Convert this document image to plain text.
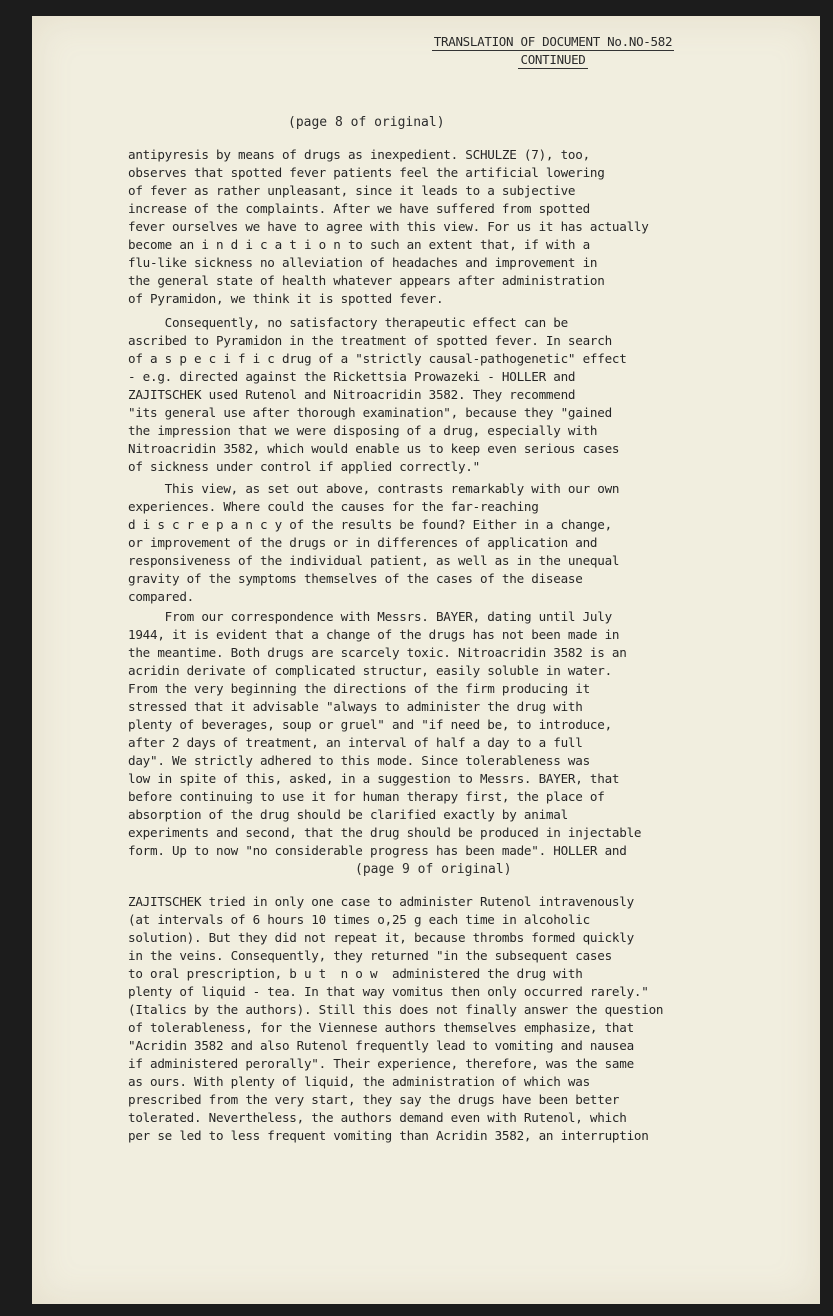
TRANSLATION OF DOCUMENT No.NO-582
CONTINUED
(page 8 of original)

antipyresis by means of drugs as inexpedient. SCHULZE (7), too,
observes that spotted fever patients feel the artificial lowering
of fever as rather unpleasant, since it leads to a subjective
increase of the complaints. After we have suffered from spotted
fever ourselves we have to agree with this view. For us it has actually
become an i n d i c a t i o n to such an extent that, if with a
flu-like sickness no alleviation of headaches and improvement in
the general state of health whatever appears after administration
of Pyramidon, we think it is spotted fever.

Consequently, no satisfactory therapeutic effect can be
ascribed to Pyramidon in the treatment of spotted fever. In search
of a s p e c i f i c drug of a "strictly causal-pathogenetic" effect
- e.g. directed against the Rickettsia Prowazeki - HOLLER and
ZAJITSCHEK used Rutenol and Nitroacridin 3582. They recommend
"its general use after thorough examination", because they "gained
the impression that we were disposing of a drug, especially with
Nitroacridin 3582, which would enable us to keep even serious cases
of sickness under control if applied correctly."

This view, as set out above, contrasts remarkably with our own
experiences. Where could the causes for the far-reaching
d i s c r e p a n c y of the results be found? Either in a change,
or improvement of the drugs or in differences of application and
responsiveness of the individual patient, as well as in the unequal
gravity of the symptoms themselves of the cases of the disease
compared.

From our correspondence with Messrs. BAYER, dating until July
1944, it is evident that a change of the drugs has not been made in
the meantime. Both drugs are scarcely toxic. Nitroacridin 3582 is an
acridin derivate of complicated structur, easily soluble in water.
From the very beginning the directions of the firm producing it
stressed that it advisable "always to administer the drug with
plenty of beverages, soup or gruel" and "if need be, to introduce,
after 2 days of treatment, an interval of half a day to a full
day". We strictly adhered to this mode. Since tolerableness was
low in spite of this, asked, in a suggestion to Messrs. BAYER, that
before continuing to use it for human therapy first, the place of
absorption of the drug should be clarified exactly by animal
experiments and second, that the drug should be produced in injectable
form. Up to now "no considerable progress has been made". HOLLER and

(page 9 of original)

ZAJITSCHEK tried in only one case to administer Rutenol intravenously
(at intervals of 6 hours 10 times o,25 g each time in alcoholic
solution). But they did not repeat it, because thrombs formed quickly
in the veins. Consequently, they returned "in the subsequent cases
to oral prescription, b u t  n o w  administered the drug with
plenty of liquid - tea. In that way vomitus then only occurred rarely."
(Italics by the authors). Still this does not finally answer the question
of tolerableness, for the Viennese authors themselves emphasize, that
"Acridin 3582 and also Rutenol frequently lead to vomiting and nausea
if administered perorally". Their experience, therefore, was the same
as ours. With plenty of liquid, the administration of which was
prescribed from the very start, they say the drugs have been better
tolerated. Nevertheless, the authors demand even with Rutenol, which
per se led to less frequent vomiting than Acridin 3582, an interruption
